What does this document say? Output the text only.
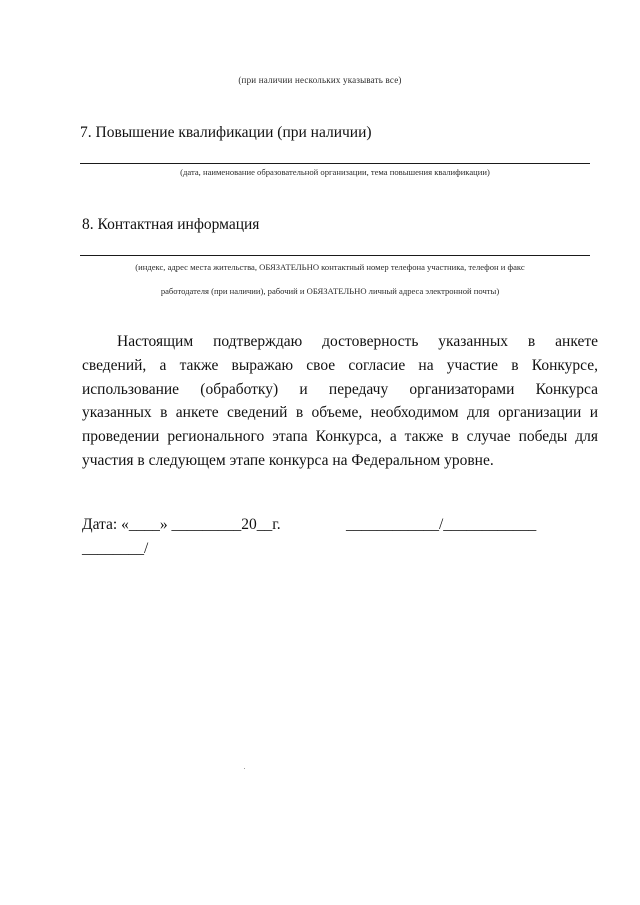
(при наличии нескольких указывать все)
7. Повышение квалификации (при наличии)
(дата, наименование образовательной организации, тема повышения квалификации)
8. Контактная информация
(индекс, адрес места жительства, ОБЯЗАТЕЛЬНО контактный номер телефона участника, телефон и факс
работодателя (при наличии), рабочий и ОБЯЗАТЕЛЬНО личный адреса электронной почты)
Настоящим подтверждаю достоверность указанных в анкете
сведений, а также выражаю свое согласие на участие в Конкурсе,
использование (обработку) и передачу организаторами Конкурса
указанных в анкете сведений в объеме, необходимом для организации и
проведении регионального этапа Конкурса, а также в случае победы для
участия в следующем этапе конкурса на Федеральном уровне.
Дата: «____» _________20__г.	____________/____________
________/
